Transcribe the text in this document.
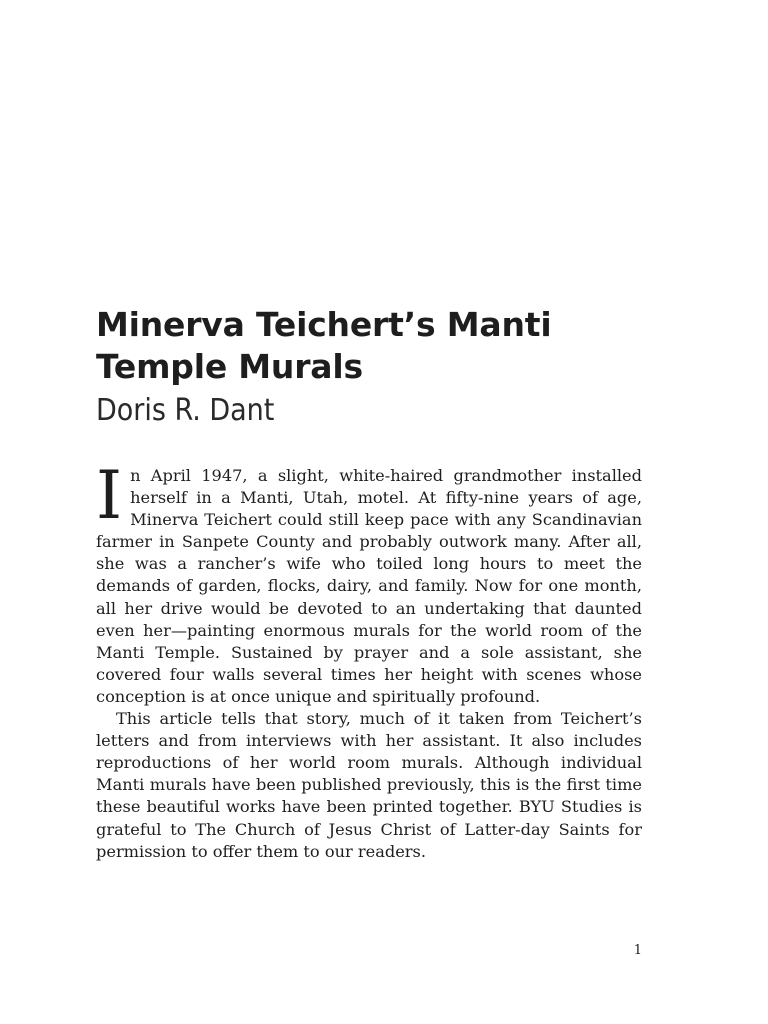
Minerva Teichert’s Manti Temple Murals
Doris R. Dant

In April 1947, a slight, white-haired grandmother installed herself in a Manti, Utah, motel. At fifty-nine years of age, Minerva Teichert could still keep pace with any Scandinavian farmer in Sanpete County and probably outwork many. After all, she was a rancher’s wife who toiled long hours to meet the demands of garden, flocks, dairy, and family. Now for one month, all her drive would be devoted to an undertaking that daunted even her—painting enormous murals for the world room of the Manti Temple. Sustained by prayer and a sole assistant, she covered four walls several times her height with scenes whose conception is at once unique and spiritually profound.

This article tells that story, much of it taken from Teichert’s letters and from interviews with her assistant. It also includes reproductions of her world room murals. Although individual Manti murals have been published previously, this is the first time these beautiful works have been printed together. BYU Studies is grateful to The Church of Jesus Christ of Latter-day Saints for permission to offer them to our readers.

1
